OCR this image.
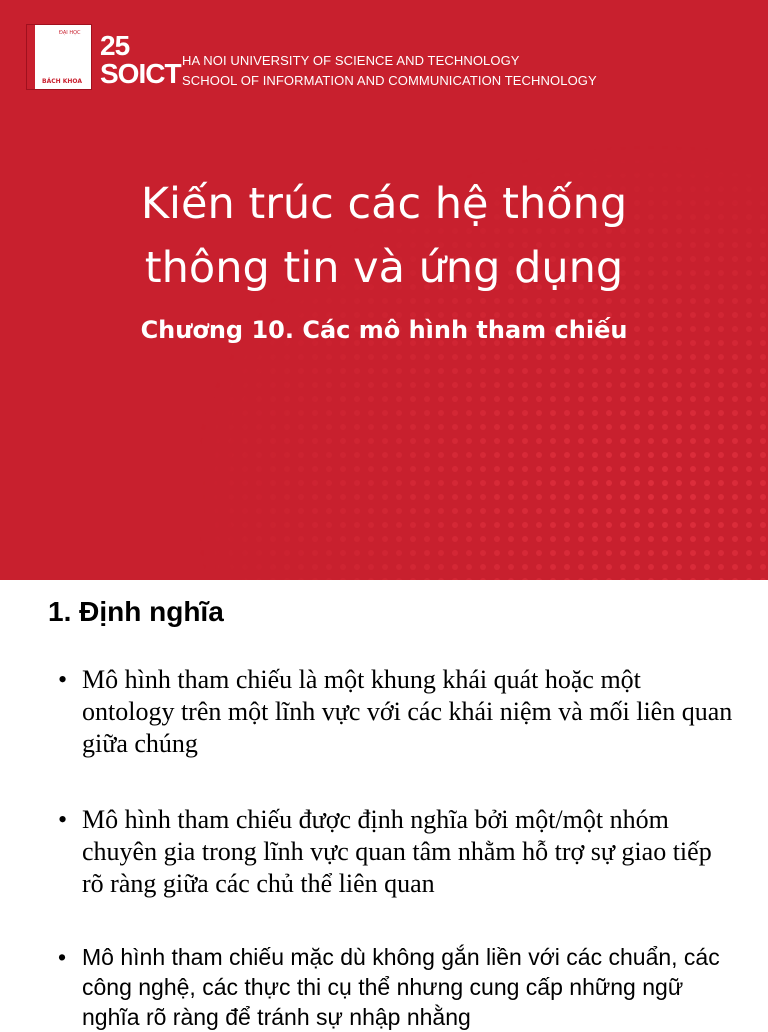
ĐẠI HỌC
BÁCH KHOA
25
SOICT HA NOI UNIVERSITY OF SCIENCE AND TECHNOLOGY
SCHOOL OF INFORMATION AND COMMUNICATION TECHNOLOGY
Kiến trúc các hệ thống
thông tin và ứng dụng
Chương 10. Các mô hình tham chiếu
1. Định nghĩa
• Mô hình tham chiếu là một khung khái quát hoặc một ontology trên một lĩnh vực với các khái niệm và mối liên quan giữa chúng
• Mô hình tham chiếu được định nghĩa bởi một/một nhóm chuyên gia trong lĩnh vực quan tâm nhằm hỗ trợ sự giao tiếp rõ ràng giữa các chủ thể liên quan
• Mô hình tham chiếu mặc dù không gắn liền với các chuẩn, các công nghệ, các thực thi cụ thể nhưng cung cấp những ngữ nghĩa rõ ràng để tránh sự nhập nhằng
